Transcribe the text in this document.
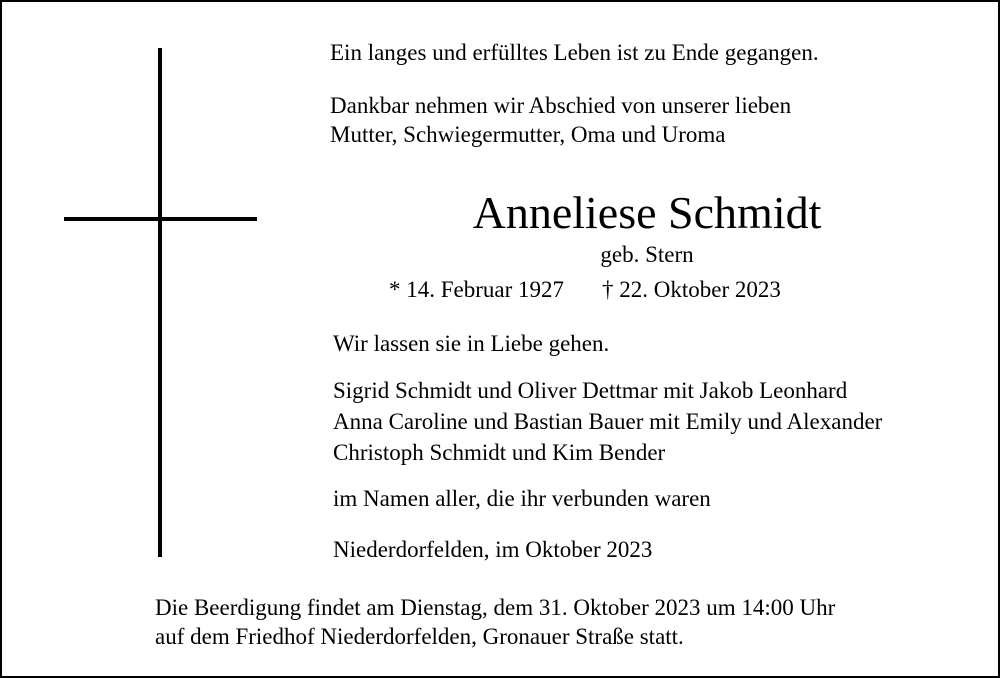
Ein langes und erfülltes Leben ist zu Ende gegangen.
Dankbar nehmen wir Abschied von unserer lieben
Mutter, Schwiegermutter, Oma und Uroma
Anneliese Schmidt
geb. Stern
* 14. Februar 1927 † 22. Oktober 2023
Wir lassen sie in Liebe gehen.
Sigrid Schmidt und Oliver Dettmar mit Jakob Leonhard
Anna Caroline und Bastian Bauer mit Emily und Alexander
Christoph Schmidt und Kim Bender
im Namen aller, die ihr verbunden waren
Niederdorfelden, im Oktober 2023
Die Beerdigung findet am Dienstag, dem 31. Oktober 2023 um 14:00 Uhr
auf dem Friedhof Niederdorfelden, Gronauer Straße statt.
